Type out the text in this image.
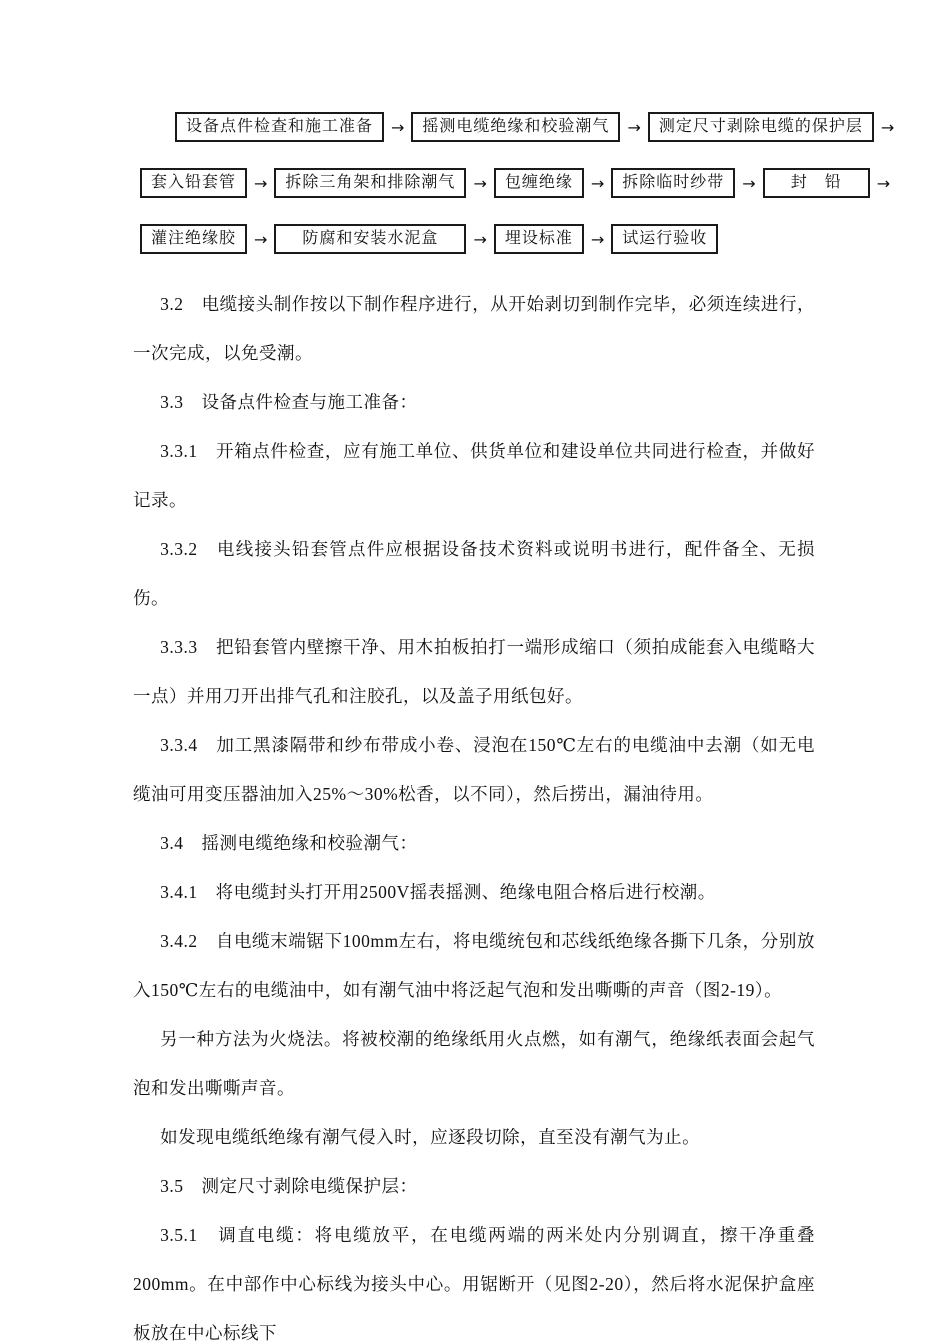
设备点件检查和施工准备	→	摇测电缆绝缘和校验潮气	→	测定尺寸剥除电缆的保护层	→
套入铅套管	→	拆除三角架和排除潮气	→	包缠绝缘	→	拆除临时纱带	→	封　铅	→
灌注绝缘胶	→	防腐和安装水泥盒	→	埋设标准	→	试运行验收

3.2　电缆接头制作按以下制作程序进行，从开始剥切到制作完毕，必须连续进行，一次完成，以免受潮。

3.3　设备点件检查与施工准备：

3.3.1　开箱点件检查，应有施工单位、供货单位和建设单位共同进行检查，并做好记录。

3.3.2　电线接头铅套管点件应根据设备技术资料或说明书进行，配件备全、无损伤。

3.3.3　把铅套管内壁擦干净、用木拍板拍打一端形成缩口（须拍成能套入电缆略大一点）并用刀开出排气孔和注胶孔，以及盖子用纸包好。

3.3.4　加工黑漆隔带和纱布带成小卷、浸泡在150℃左右的电缆油中去潮（如无电缆油可用变压器油加入25%～30%松香，以不同），然后捞出，漏油待用。

3.4　摇测电缆绝缘和校验潮气：

3.4.1　将电缆封头打开用2500V摇表摇测、绝缘电阻合格后进行校潮。

3.4.2　自电缆末端锯下100mm左右，将电缆统包和芯线纸绝缘各撕下几条，分别放入150℃左右的电缆油中，如有潮气油中将泛起气泡和发出嘶嘶的声音（图2-19）。

另一种方法为火烧法。将被校潮的绝缘纸用火点燃，如有潮气，绝缘纸表面会起气泡和发出嘶嘶声音。

如发现电缆纸绝缘有潮气侵入时，应逐段切除，直至没有潮气为止。

3.5　测定尺寸剥除电缆保护层：

3.5.1　调直电缆：将电缆放平，在电缆两端的两米处内分别调直，擦干净重叠200mm。在中部作中心标线为接头中心。用锯断开（见图2-20），然后将水泥保护盒座板放在中心标线下
